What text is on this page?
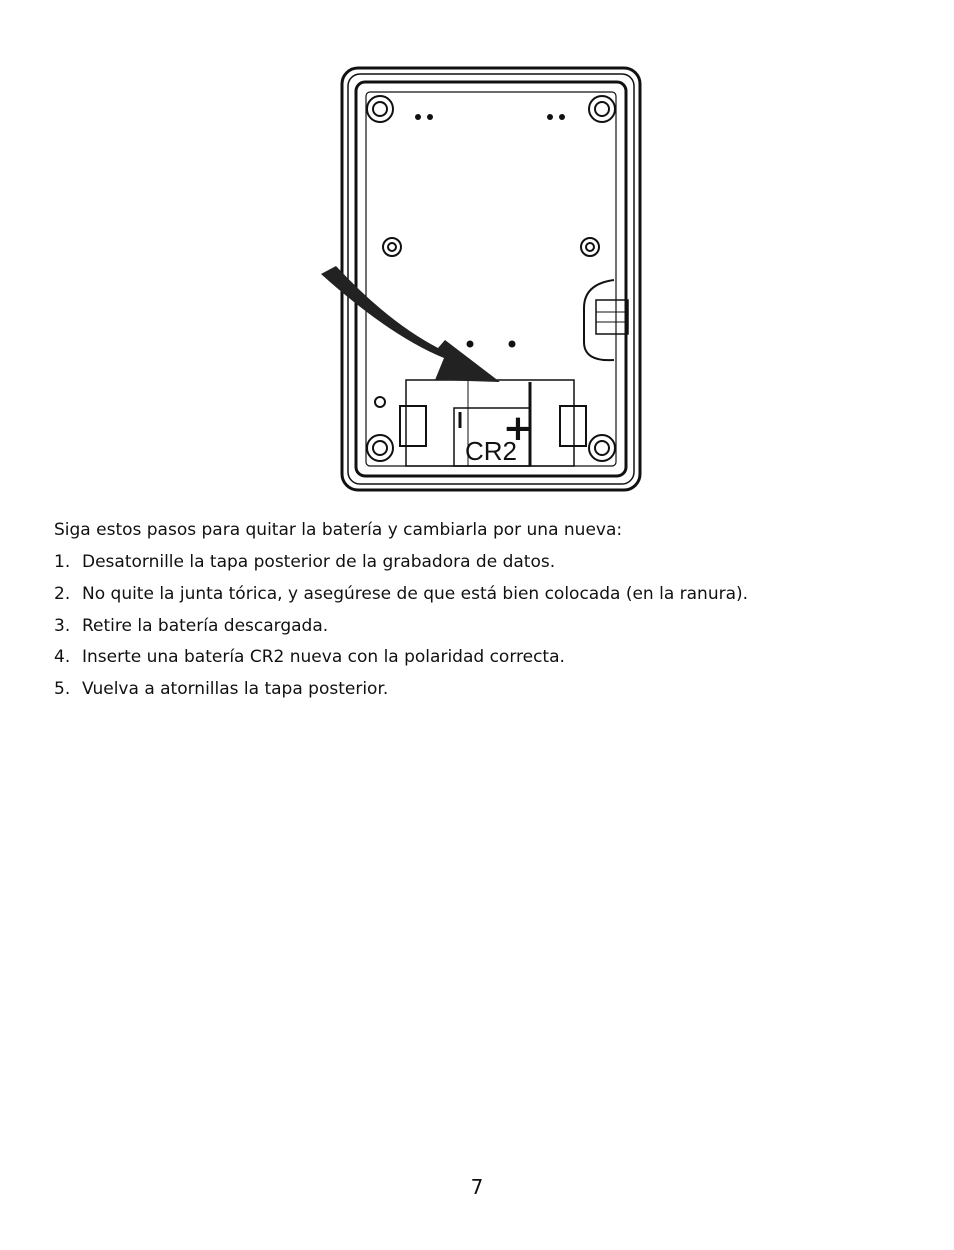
+
CR2
−

Siga estos pasos para quitar la batería y cambiarla por una nueva:

1. Desatornille la tapa posterior de la grabadora de datos.
2. No quite la junta tórica, y asegúrese de que está bien colocada (en la ranura).
3. Retire la batería descargada.
4. Inserte una batería CR2 nueva con la polaridad correcta.
5. Vuelva a atornillas la tapa posterior.
7
